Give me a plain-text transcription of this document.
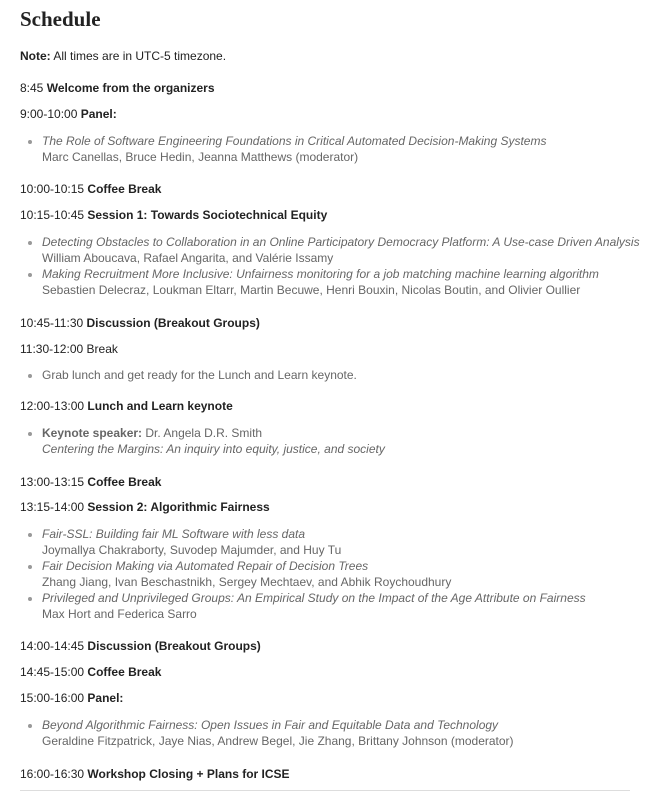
Schedule

Note: All times are in UTC-5 timezone.

8:45 Welcome from the organizers

9:00-10:00 Panel:

• The Role of Software Engineering Foundations in Critical Automated Decision-Making Systems
Marc Canellas, Bruce Hedin, Jeanna Matthews (moderator)

10:00-10:15 Coffee Break

10:15-10:45 Session 1: Towards Sociotechnical Equity

• Detecting Obstacles to Collaboration in an Online Participatory Democracy Platform: A Use-case Driven Analysis
William Aboucava, Rafael Angarita, and Valérie Issamy
• Making Recruitment More Inclusive: Unfairness monitoring for a job matching machine learning algorithm
Sebastien Delecraz, Loukman Eltarr, Martin Becuwe, Henri Bouxin, Nicolas Boutin, and Olivier Oullier

10:45-11:30 Discussion (Breakout Groups)

11:30-12:00 Break

• Grab lunch and get ready for the Lunch and Learn keynote.

12:00-13:00 Lunch and Learn keynote

• Keynote speaker: Dr. Angela D.R. Smith
Centering the Margins: An inquiry into equity, justice, and society

13:00-13:15 Coffee Break

13:15-14:00 Session 2: Algorithmic Fairness

• Fair-SSL: Building fair ML Software with less data
Joymallya Chakraborty, Suvodep Majumder, and Huy Tu
• Fair Decision Making via Automated Repair of Decision Trees
Zhang Jiang, Ivan Beschastnikh, Sergey Mechtaev, and Abhik Roychoudhury
• Privileged and Unprivileged Groups: An Empirical Study on the Impact of the Age Attribute on Fairness
Max Hort and Federica Sarro

14:00-14:45 Discussion (Breakout Groups)

14:45-15:00 Coffee Break

15:00-16:00 Panel:

• Beyond Algorithmic Fairness: Open Issues in Fair and Equitable Data and Technology
Geraldine Fitzpatrick, Jaye Nias, Andrew Begel, Jie Zhang, Brittany Johnson (moderator)

16:00-16:30 Workshop Closing + Plans for ICSE
